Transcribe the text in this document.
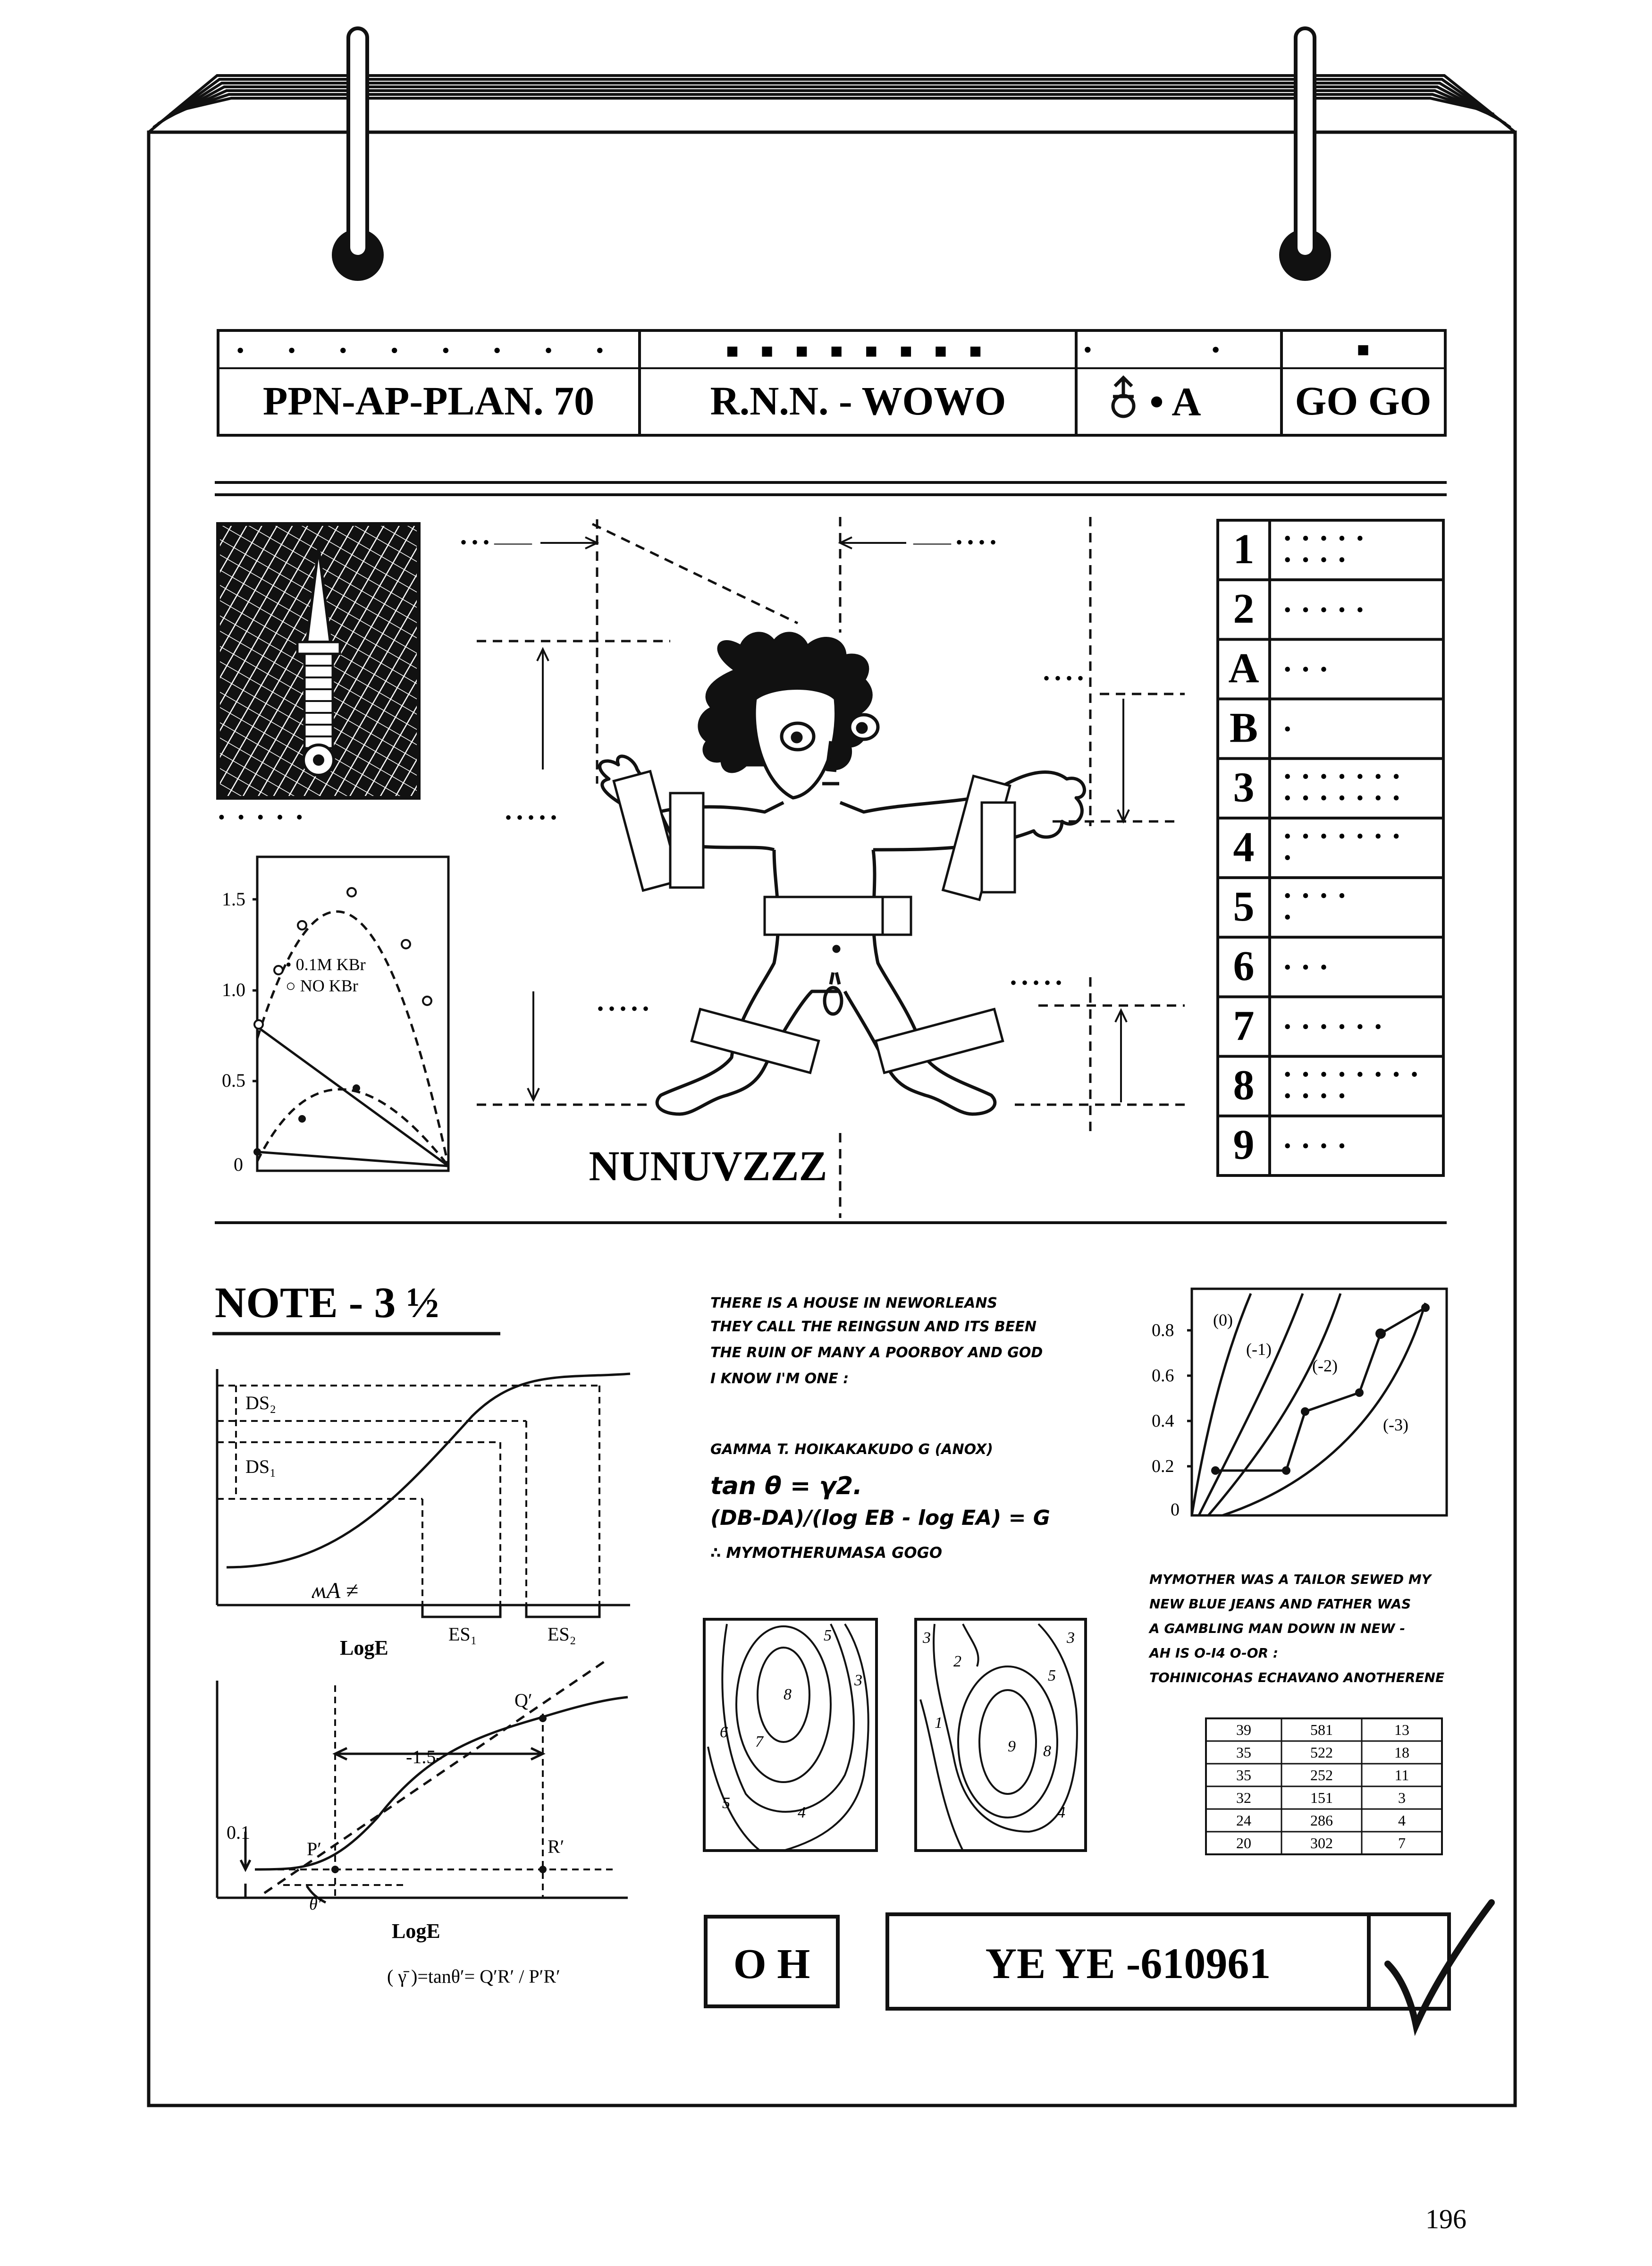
• • • • • • • •	■ ■ ■ ■ ■ ■ ■ ■	• •	■
PPN-AP-PLAN. 70	R.N.N. - WOWO	• A GO GO
• • • • •
1.5
1.0
0.5
0
• 0.1M KBr
○ NO KBr
• • • ——	—— • • • •
• • • •
• • • • •
• • • • •
• • • • •
NUNUVZZZ
1 • • • • •
• • • •
2 • • • • •
A • • •
B •
3 • • • • • • •
• • • • • • •
4 • • • • • • •
•
5 • • • •
•
6 • • •
7 • • • • • •
8 • • • • • • • •
• • • •
9 • • • •
NOTE - 3 ½
DS₂
DS₁
ES₁	ES₂
LogE
ʍA ≠
Q′
P′	R′
θ′
0.1
-1.5-
LogE
( γ̄ )=tanθ′= Q′R′ / P′R′
THERE IS A HOUSE IN NEWORLEANS
THEY CALL THE REINGSUN AND ITS BEEN
THE RUIN OF MANY A POORBOY AND GOD
I KNOW I'M ONE :
GAMMA T. HOIKAKAKUDO G (ANOX)
tan θ = γ2.
(DB-DA)/(log EB - log EA) = G
∴ MYMOTHERUMASA GOGO
0.8
0.6
0.4
0.2
0
(0)
(-1)
(-2)
(-3)
MYMOTHER WAS A TAILOR SEWED MY
NEW BLUE JEANS AND FATHER WAS
A GAMBLING MAN DOWN IN NEW -
AH IS O-I4 O-OR :
TOHINICOHAS ECHAVANO ANOTHERENE
39	581	13
35	522	18
35	252	11
32	151	3
24	286	4
20	302	7
5
8
7
6
5
4
3
3
2
1
9 8
5
4
3
O H	YE YE -610961
196
